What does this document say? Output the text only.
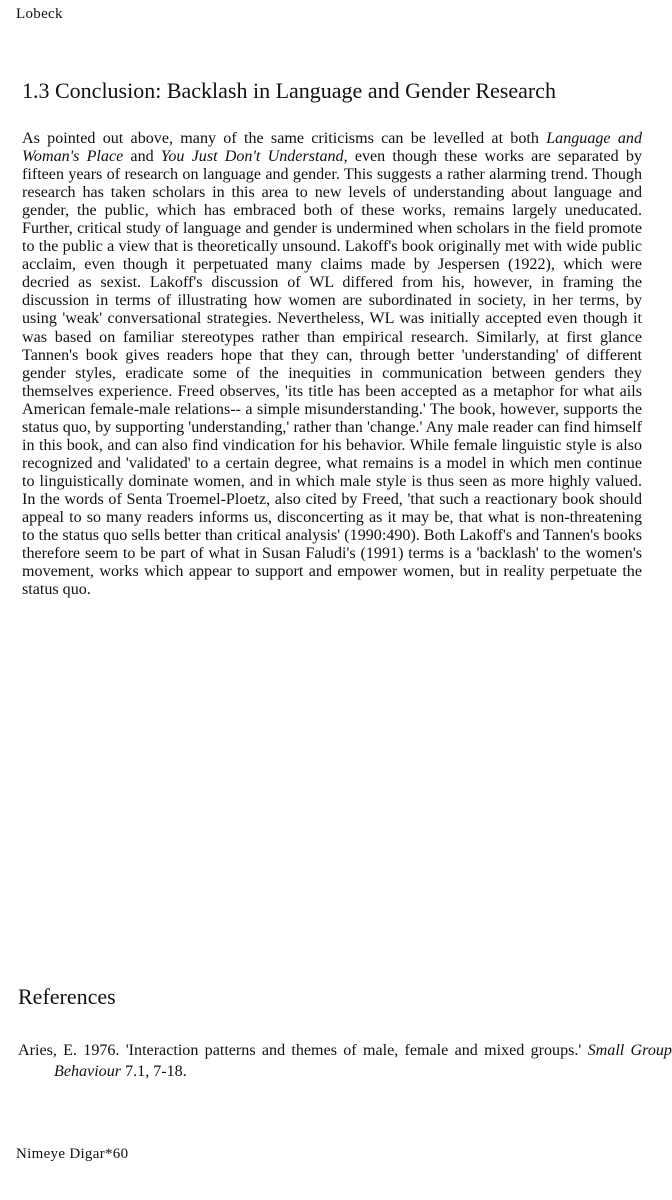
Lobeck
1.3 Conclusion: Backlash in Language and Gender Research

As pointed out above, many of the same criticisms can be levelled at both Language and Woman's Place and You Just Don't Understand, even though these works are separated by fifteen years of research on language and gender. This suggests a rather alarming trend. Though research has taken scholars in this area to new levels of understanding about language and gender, the public, which has embraced both of these works, remains largely uneducated. Further, critical study of language and gender is undermined when scholars in the field promote to the public a view that is theoretically unsound. Lakoff's book originally met with wide public acclaim, even though it perpetuated many claims made by Jespersen (1922), which were decried as sexist. Lakoff's discussion of WL differed from his, however, in framing the discussion in terms of illustrating how women are subordinated in society, in her terms, by using 'weak' conversational strategies. Nevertheless, WL was initially accepted even though it was based on familiar stereotypes rather than empirical research. Similarly, at first glance Tannen's book gives readers hope that they can, through better 'understanding' of different gender styles, eradicate some of the inequities in communication between genders they themselves experience. Freed observes, 'its title has been accepted as a metaphor for what ails American female-male relations-- a simple misunderstanding.' The book, however, supports the status quo, by supporting 'understanding,' rather than 'change.' Any male reader can find himself in this book, and can also find vindication for his behavior. While female linguistic style is also recognized and 'validated' to a certain degree, what remains is a model in which men continue to linguistically dominate women, and in which male style is thus seen as more highly valued. In the words of Senta Troemel-Ploetz, also cited by Freed, 'that such a reactionary book should appeal to so many readers informs us, disconcerting as it may be, that what is non-threatening to the status quo sells better than critical analysis' (1990:490). Both Lakoff's and Tannen's books therefore seem to be part of what in Susan Faludi's (1991) terms is a 'backlash' to the women's movement, works which appear to support and empower women, but in reality perpetuate the status quo.

References

Aries, E. 1976. 'Interaction patterns and themes of male, female and mixed groups.' Small Group Behaviour 7.1, 7-18.

Nimeye Digar*60
